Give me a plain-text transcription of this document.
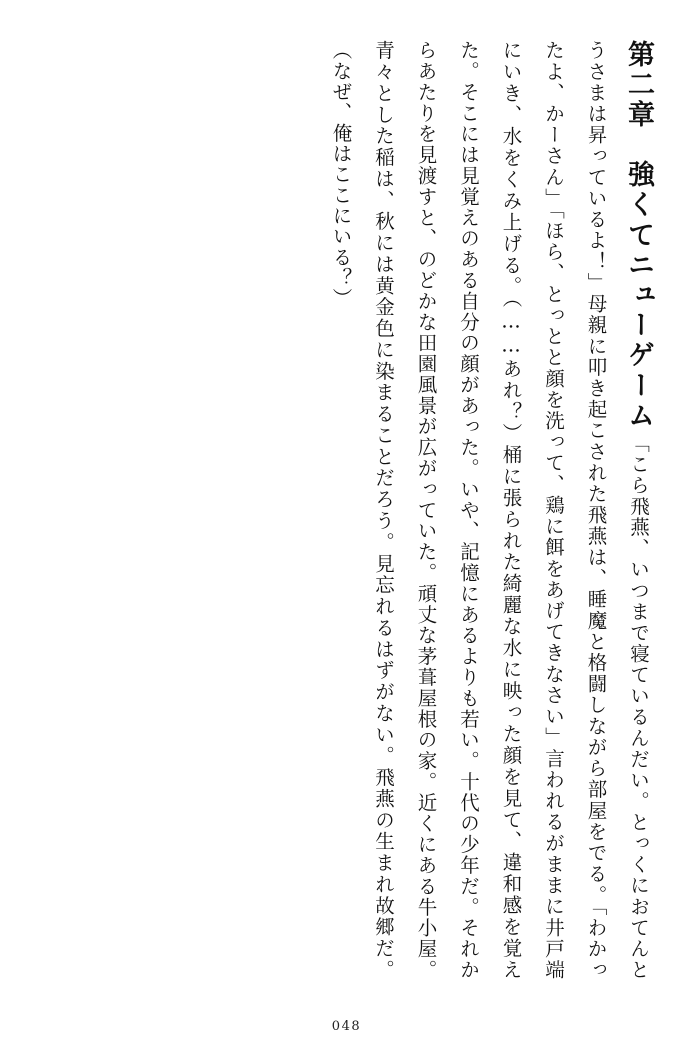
第二章　強くてニューゲーム「こら飛燕、いつまで寝ているんだい。とっくにおてんとうさまは昇っているよ！」母親に叩き起こされた飛燕は、睡魔と格闘しながら部屋をでる。「わかったよ、かーさん」「ほら、とっとと顔を洗って、鶏に餌をあげてきなさい」言われるがままに井戸端にいき、水をくみ上げる。（……あれ？）桶に張られた綺麗な水に映った顔を見て、違和感を覚えた。そこには見覚えのある自分の顔があった。いや、記憶にあるよりも若い。十代の少年だ。それからあたりを見渡すと、のどかな田園風景が広がっていた。頑丈な茅葺屋根の家。近くにある牛小屋。青々とした稲は、秋には黄金色に染まることだろう。見忘れるはずがない。飛燕の生まれ故郷だ。（なぜ、俺はここにいる？）
048
